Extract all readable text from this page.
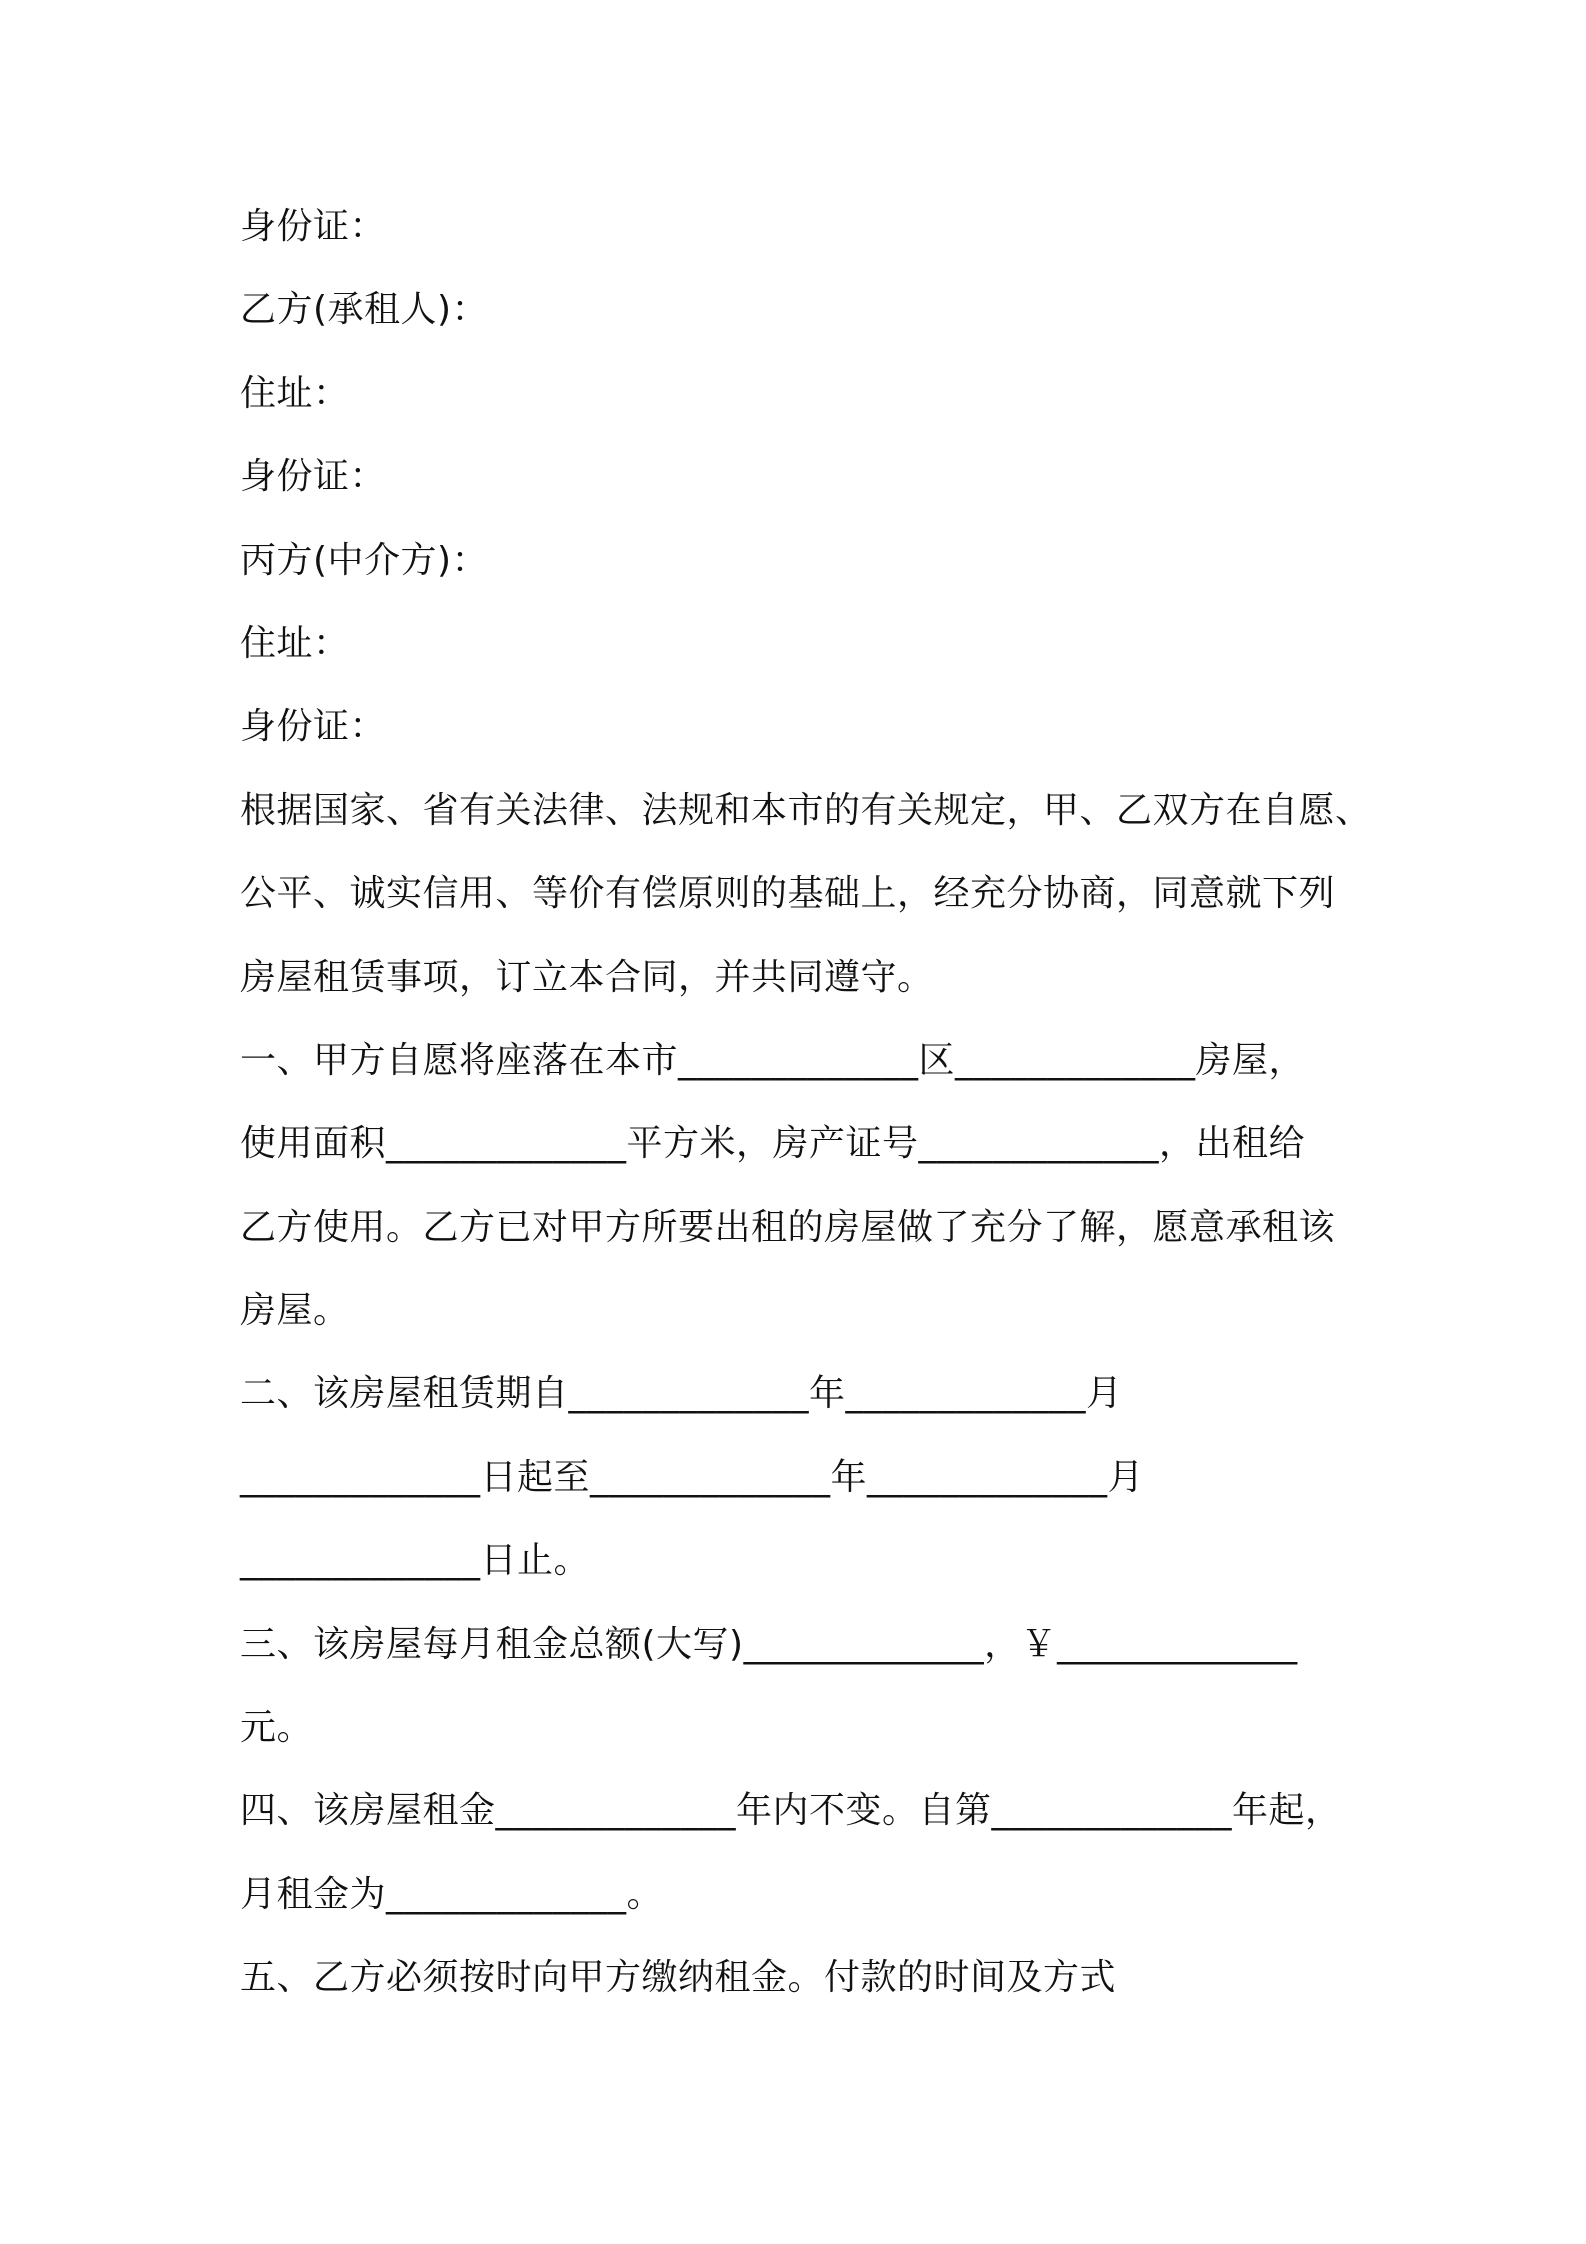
身份证：
乙方(承租人)：
住址：
身份证：
丙方(中介方)：
住址：
身份证：
根据国家、省有关法律、法规和本市的有关规定，甲、乙双方在自愿、
公平、诚实信用、等价有偿原则的基础上，经充分协商，同意就下列
房屋租赁事项，订立本合同，并共同遵守。
一、甲方自愿将座落在本市_____________区_____________房屋，
使用面积_____________平方米，房产证号_____________，出租给
乙方使用。乙方已对甲方所要出租的房屋做了充分了解，愿意承租该
房屋。
二、该房屋租赁期自_____________年_____________月
_____________日起至_____________年_____________月
_____________日止。
三、该房屋每月租金总额(大写)_____________，￥_____________
元。
四、该房屋租金_____________年内不变。自第_____________年起，
月租金为_____________。
五、乙方必须按时向甲方缴纳租金。付款的时间及方式
